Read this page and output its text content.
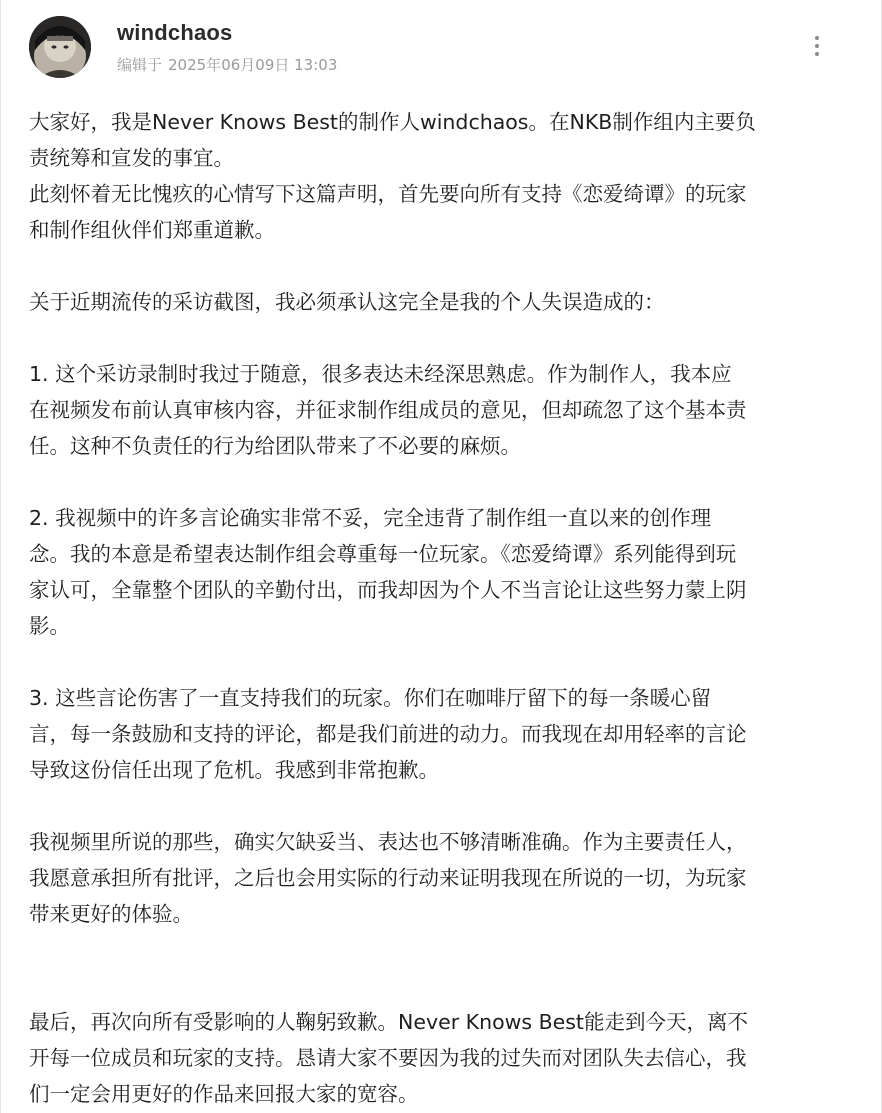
windchaos
编辑于 2025年06月09日 13:03

大家好，我是Never Knows Best的制作人windchaos。在NKB制作组内主要负
责统筹和宣发的事宜。
此刻怀着无比愧疚的心情写下这篇声明，首先要向所有支持《恋爱绮谭》的玩家
和制作组伙伴们郑重道歉。

关于近期流传的采访截图，我必须承认这完全是我的个人失误造成的：

1. 这个采访录制时我过于随意，很多表达未经深思熟虑。作为制作人，我本应
在视频发布前认真审核内容，并征求制作组成员的意见，但却疏忽了这个基本责
任。这种不负责任的行为给团队带来了不必要的麻烦。

2. 我视频中的许多言论确实非常不妥，完全违背了制作组一直以来的创作理
念。我的本意是希望表达制作组会尊重每一位玩家。《恋爱绮谭》系列能得到玩
家认可，全靠整个团队的辛勤付出，而我却因为个人不当言论让这些努力蒙上阴
影。

3. 这些言论伤害了一直支持我们的玩家。你们在咖啡厅留下的每一条暖心留
言，每一条鼓励和支持的评论，都是我们前进的动力。而我现在却用轻率的言论
导致这份信任出现了危机。我感到非常抱歉。

我视频里所说的那些，确实欠缺妥当、表达也不够清晰准确。作为主要责任人，
我愿意承担所有批评，之后也会用实际的行动来证明我现在所说的一切，为玩家
带来更好的体验。

最后，再次向所有受影响的人鞠躬致歉。Never Knows Best能走到今天，离不
开每一位成员和玩家的支持。恳请大家不要因为我的过失而对团队失去信心，我
们一定会用更好的作品来回报大家的宽容。
